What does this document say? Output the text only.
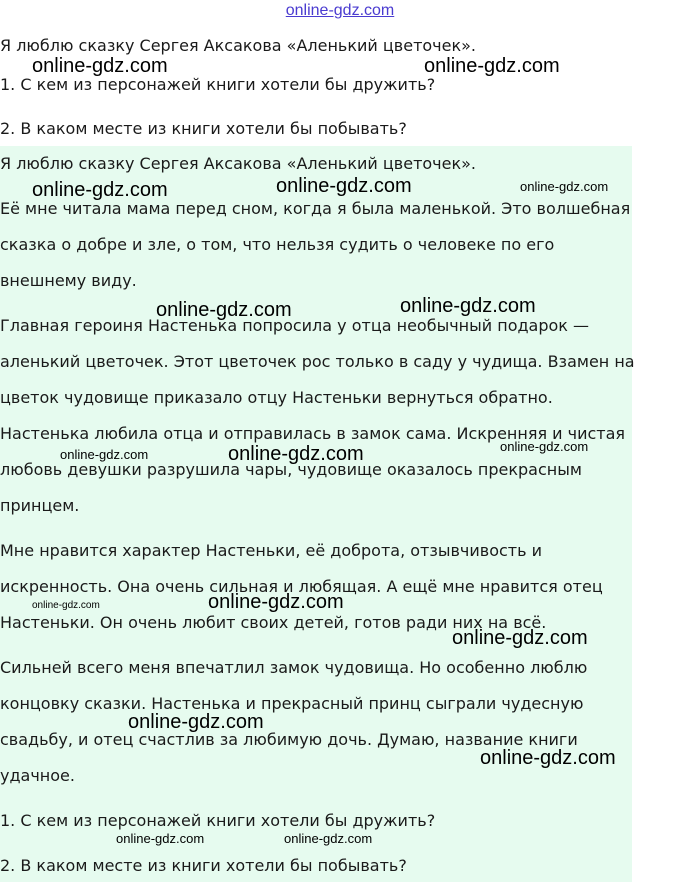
online-gdz.com

Я люблю сказку Сергея Аксакова «Аленький цветочек».

1. С кем из персонажей книги хотели бы дружить?

2. В каком месте из книги хотели бы побывать?

Я люблю сказку Сергея Аксакова «Аленький цветочек».

Её мне читала мама перед сном, когда я была маленькой. Это волшебная

сказка о добре и зле, о том, что нельзя судить о человеке по его

внешнему виду.

Главная героиня Настенька попросила у отца необычный подарок —

аленький цветочек. Этот цветочек рос только в саду у чудища. Взамен на

цветок чудовище приказало отцу Настеньки вернуться обратно.

Настенька любила отца и отправилась в замок сама. Искренняя и чистая

любовь девушки разрушила чары, чудовище оказалось прекрасным

принцем.

Мне нравится характер Настеньки, её доброта, отзывчивость и

искренность. Она очень сильная и любящая. А ещё мне нравится отец

Настеньки. Он очень любит своих детей, готов ради них на всё.

Сильней всего меня впечатлил замок чудовища. Но особенно люблю

концовку сказки. Настенька и прекрасный принц сыграли чудесную

свадьбу, и отец счастлив за любимую дочь. Думаю, название книги

удачное.

1. С кем из персонажей книги хотели бы дружить?

2. В каком месте из книги хотели бы побывать?

online-gdz.com	online-gdz.com
online-gdz.com	online-gdz.com	online-gdz.com
online-gdz.com	online-gdz.com
online-gdz.com	online-gdz.com	online-gdz.com
online-gdz.com	online-gdz.com
online-gdz.com
online-gdz.com
online-gdz.com
online-gdz.com	online-gdz.com
